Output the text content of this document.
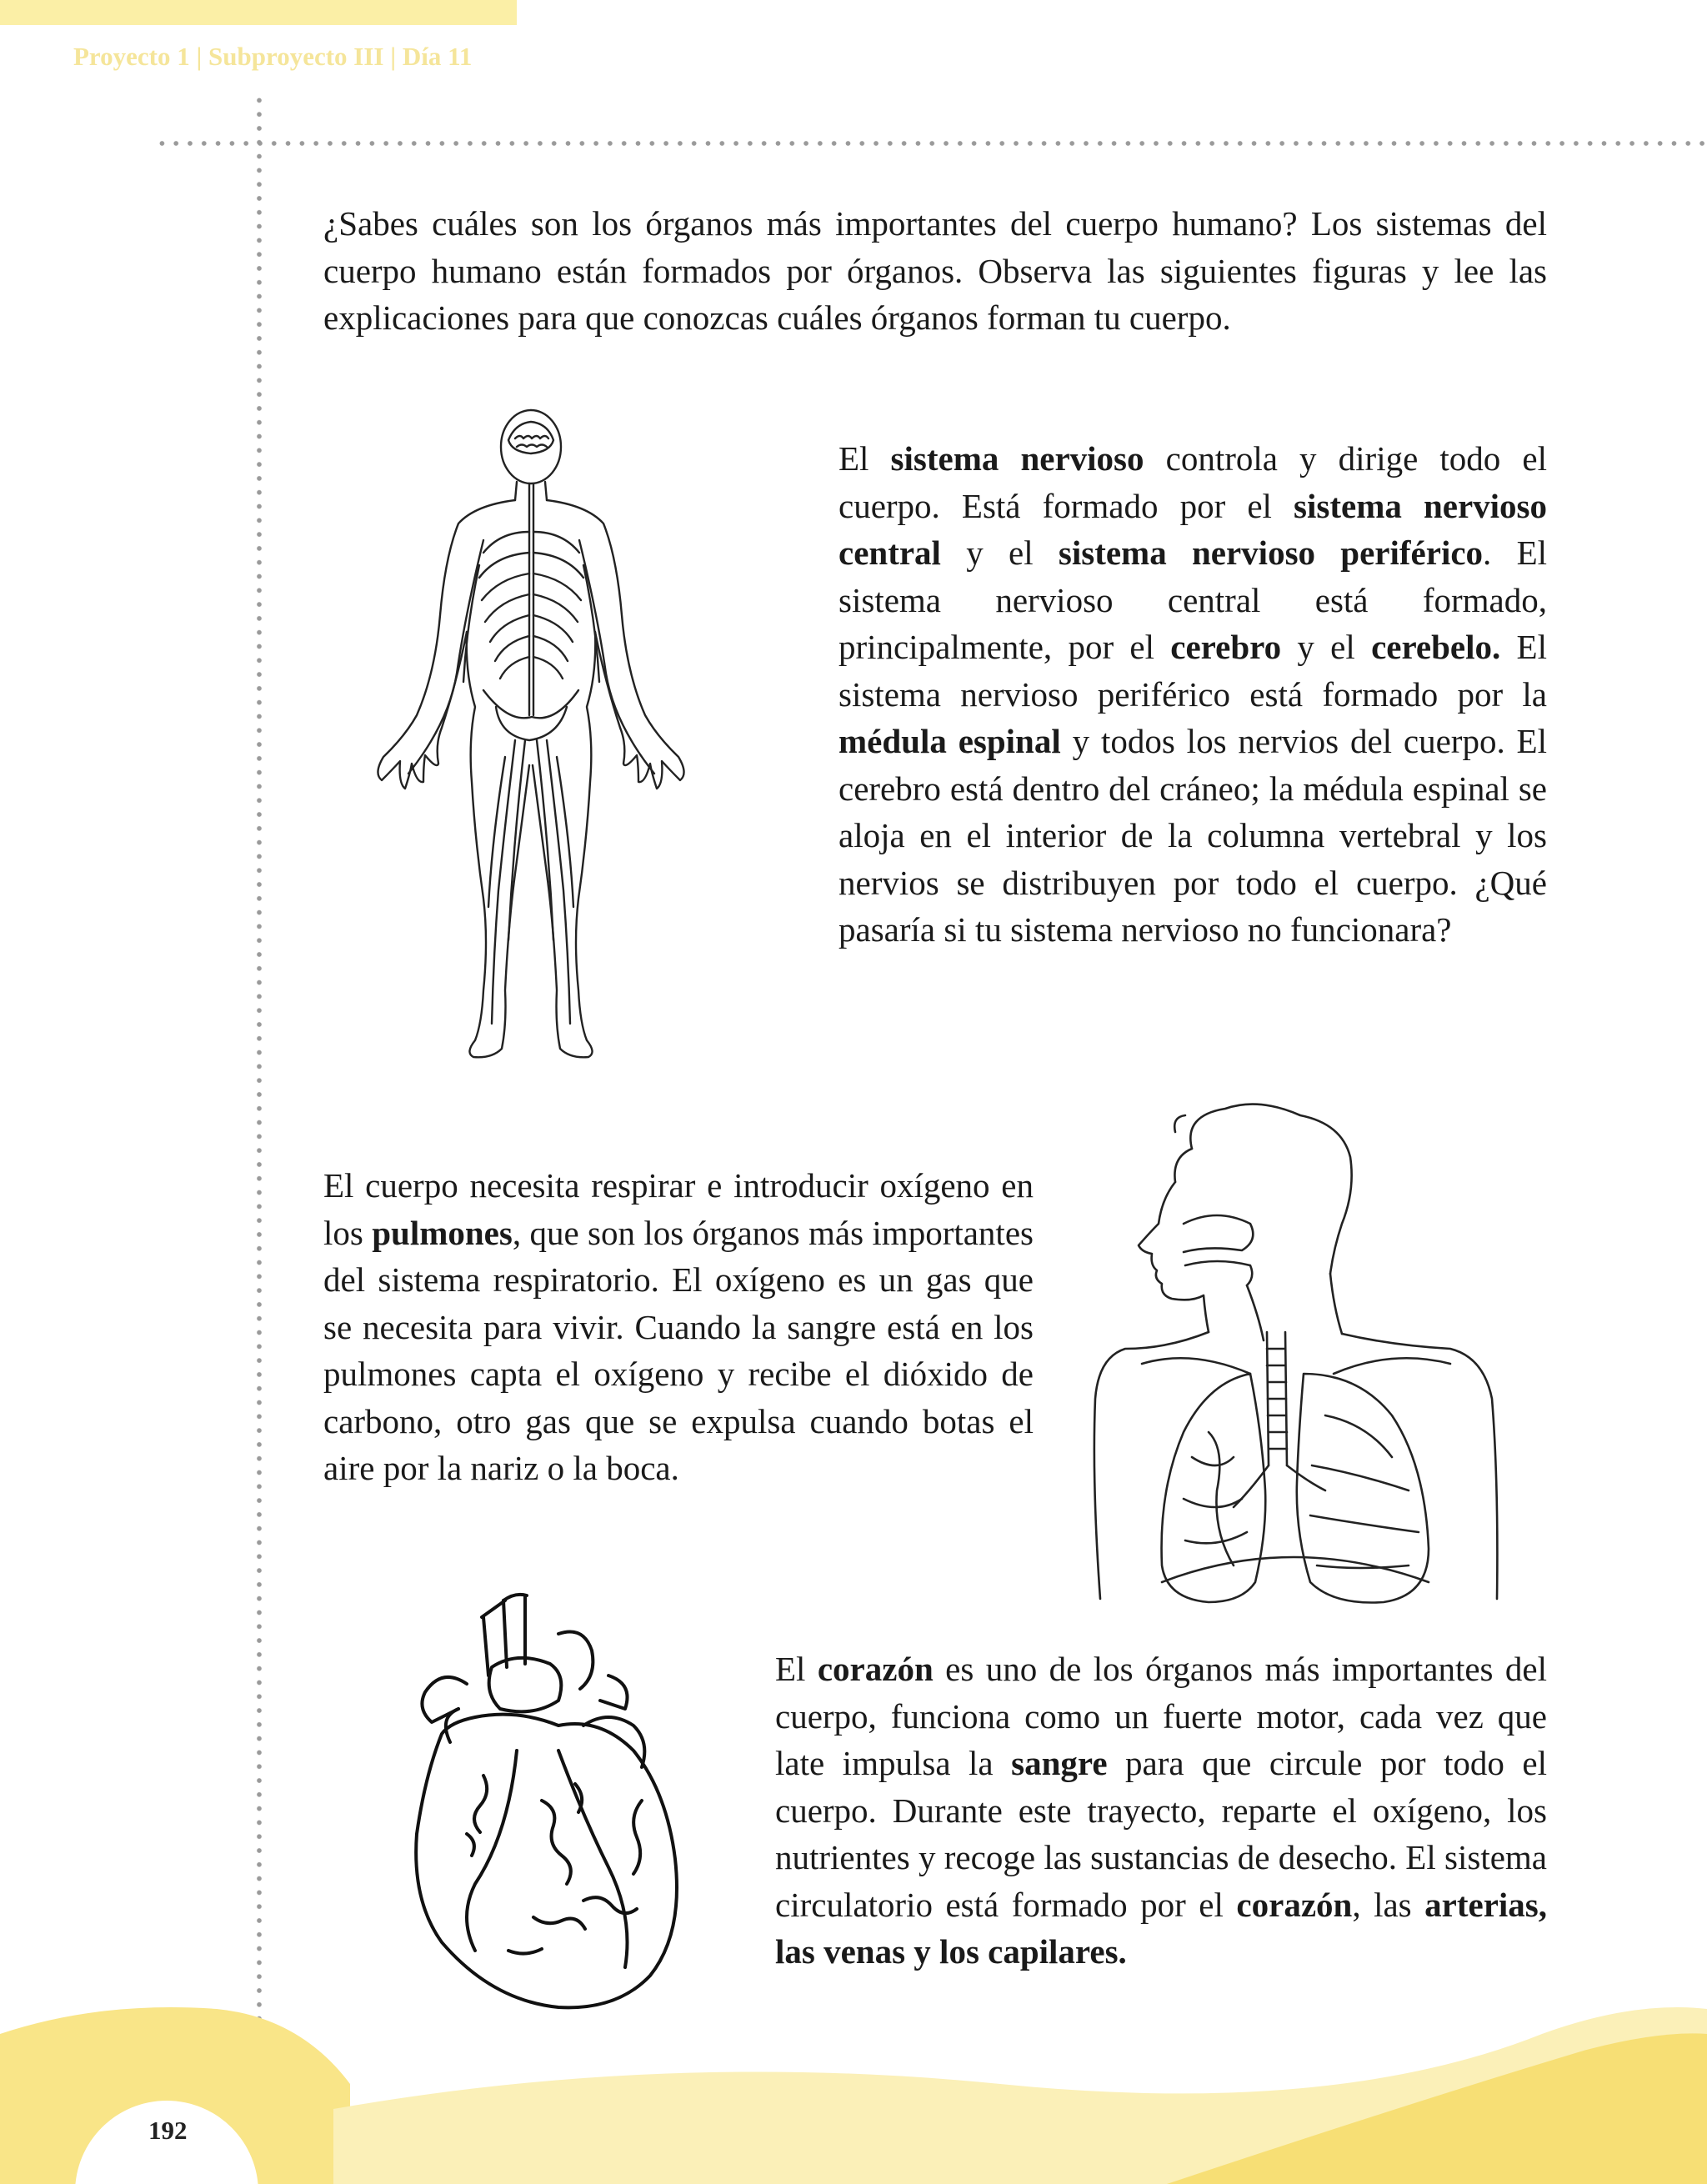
Proyecto 1 | Subproyecto III | Día 11

¿Sabes cuáles son los órganos más importantes del cuerpo humano? Los sistemas del cuerpo humano están formados por órganos. Observa las siguientes figuras y lee las explicaciones para que conozcas cuáles órganos forman tu cuerpo.

El sistema nervioso controla y dirige todo el cuerpo. Está formado por el sistema nervioso central y el sistema nervioso periférico. El sistema nervioso central está formado, principalmente, por el cerebro y el cerebelo. El sistema nervioso periférico está formado por la médula espinal y todos los nervios del cuerpo. El cerebro está dentro del cráneo; la médula espinal se aloja en el interior de la columna vertebral y los nervios se distribuyen por todo el cuerpo. ¿Qué pasaría si tu sistema nervioso no funcionara?

El cuerpo necesita respirar e introducir oxígeno en los pulmones, que son los órganos más importantes del sistema respiratorio. El oxígeno es un gas que se necesita para vivir. Cuando la sangre está en los pulmones capta el oxígeno y recibe el dióxido de carbono, otro gas que se expulsa cuando botas el aire por la nariz o la boca.

El corazón es uno de los órganos más importantes del cuerpo, funciona como un fuerte motor, cada vez que late impulsa la sangre para que circule por todo el cuerpo. Durante este trayecto, reparte el oxígeno, los nutrientes y recoge las sustancias de desecho. El sistema circulatorio está formado por el corazón, las arterias, las venas y los capilares.

192
